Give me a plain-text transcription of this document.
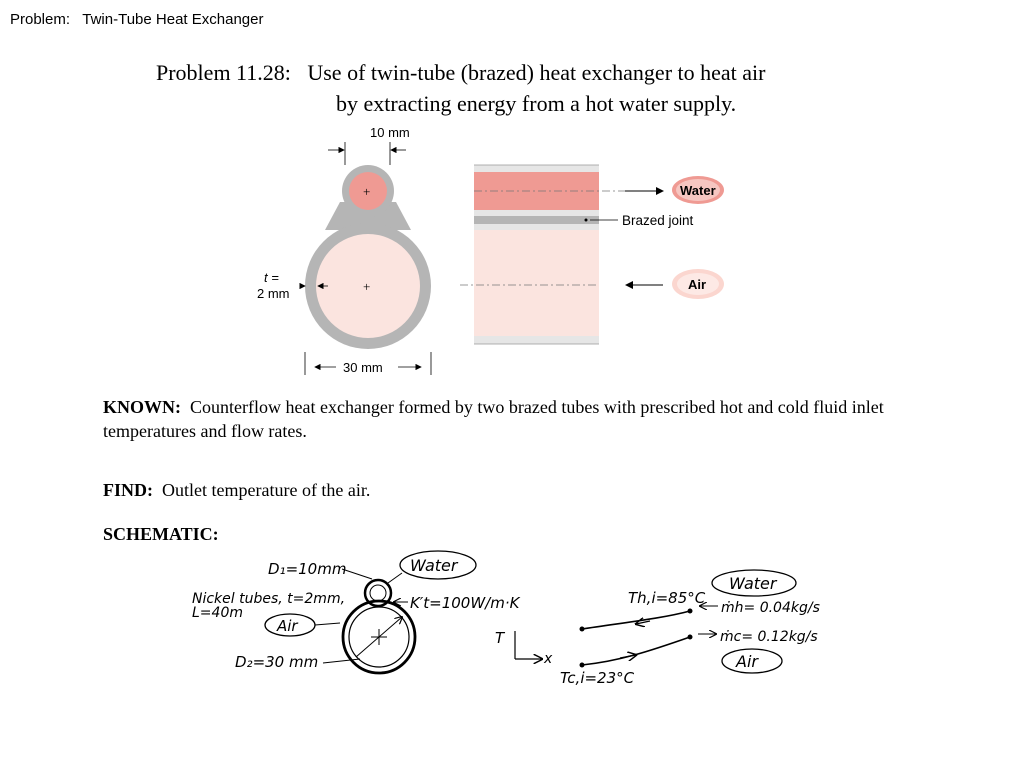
Problem: Twin-Tube Heat Exchanger
Problem 11.28: Use of twin-tube (brazed) heat exchanger to heat air
by extracting energy from a hot water supply.
10 mm
+
+
t =
2 mm
30 mm
Brazed joint
Water
Air
KNOWN: Counterflow heat exchanger formed by two brazed tubes with prescribed hot and cold fluid inlet temperatures and flow rates.
FIND: Outlet temperature of the air.
SCHEMATIC:
D₁=10mm
Nickel tubes, t=2mm,
L=40m
Air
D₂=30 mm
Water
K′t=100W/m·K
T
x
Th,i=85°C
Tc,i=23°C
ṁh= 0.04kg/s
ṁc= 0.12kg/s
Water
Air
